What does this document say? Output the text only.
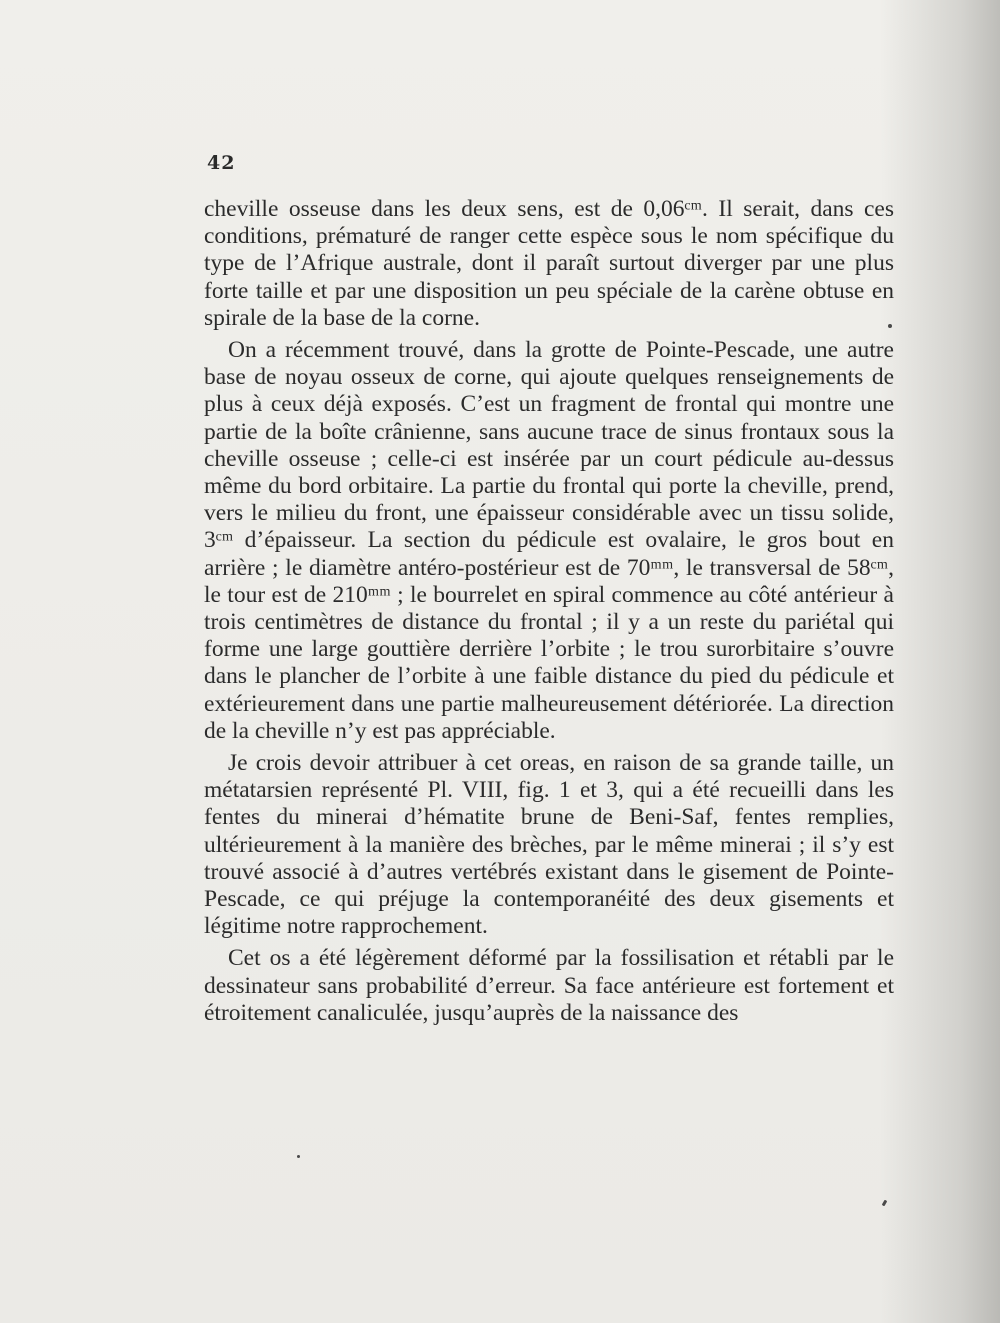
42

cheville osseuse dans les deux sens, est de 0,06ᶜᵐ. Il serait, dans ces conditions, prématuré de ranger cette espèce sous le nom spécifique du type de l’Afrique australe, dont il paraît surtout diverger par une plus forte taille et par une disposition un peu spéciale de la carène obtuse en spirale de la base de la corne.

On a récemment trouvé, dans la grotte de Pointe-Pescade, une autre base de noyau osseux de corne, qui ajoute quelques renseignements de plus à ceux déjà exposés. C’est un fragment de frontal qui montre une partie de la boîte crânienne, sans aucune trace de sinus frontaux sous la cheville osseuse ; celle-ci est insérée par un court pédicule au-dessus même du bord orbitaire. La partie du frontal qui porte la cheville, prend, vers le milieu du front, une épaisseur considérable avec un tissu solide, 3ᶜᵐ d’épaisseur. La section du pédicule est ovalaire, le gros bout en arrière ; le diamètre antéro-postérieur est de 70ᵐᵐ, le transversal de 58ᶜᵐ, le tour est de 210ᵐᵐ ; le bourrelet en spiral commence au côté antérieur à trois centimètres de distance du frontal ; il y a un reste du pariétal qui forme une large gouttière derrière l’orbite ; le trou surorbitaire s’ouvre dans le plancher de l’orbite à une faible distance du pied du pédicule et extérieurement dans une partie malheureusement détériorée. La direction de la cheville n’y est pas appréciable.

Je crois devoir attribuer à cet oreas, en raison de sa grande taille, un métatarsien représenté Pl. VIII, fig. 1 et 3, qui a été recueilli dans les fentes du minerai d’hématite brune de Beni-Saf, fentes remplies, ultérieurement à la manière des brèches, par le même minerai ; il s’y est trouvé associé à d’autres vertébrés existant dans le gisement de Pointe-Pescade, ce qui préjuge la contemporanéité des deux gisements et légitime notre rapprochement.

Cet os a été légèrement déformé par la fossilisation et rétabli par le dessinateur sans probabilité d’erreur. Sa face antérieure est fortement et étroitement canaliculée, jusqu’auprès de la naissance des
